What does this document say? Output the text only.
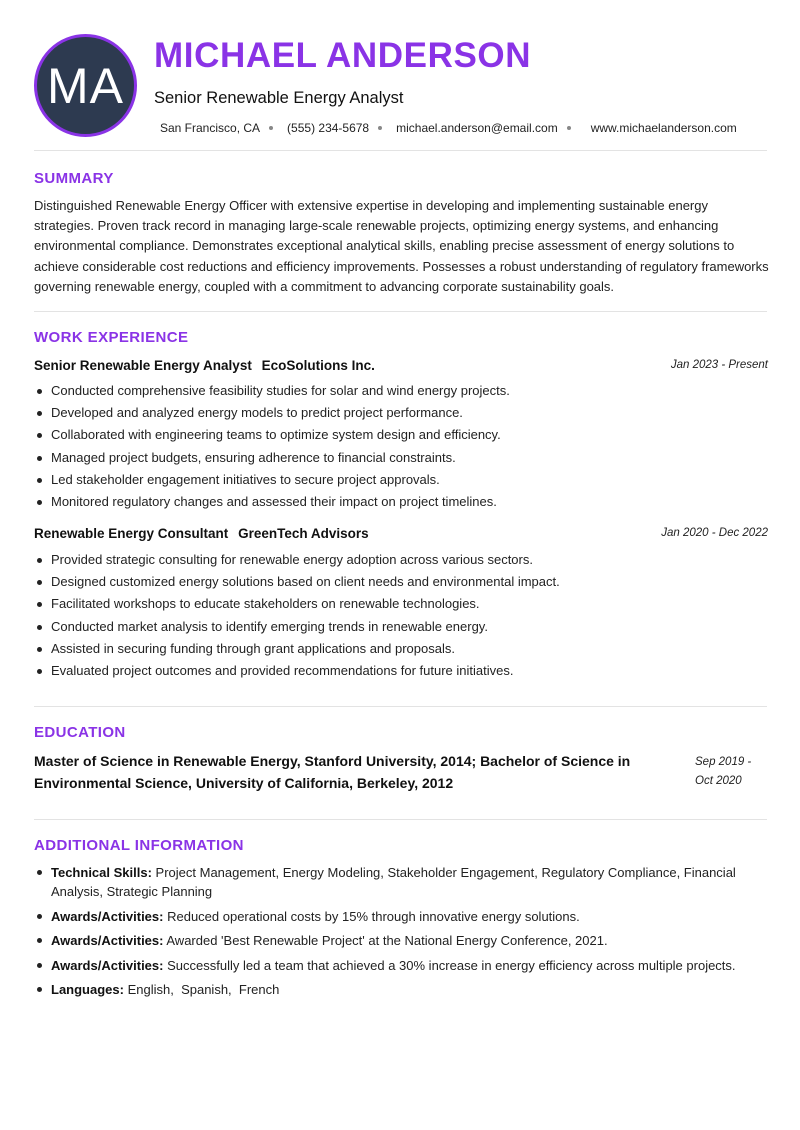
MA
MICHAEL ANDERSON
Senior Renewable Energy Analyst
San Francisco, CA (555) 234-5678 michael.anderson@email.com	www.michaelanderson.com
SUMMARY
Distinguished Renewable Energy Officer with extensive expertise in developing and implementing sustainable energy strategies. Proven track record in managing large-scale renewable projects, optimizing energy systems, and enhancing environmental compliance. Demonstrates exceptional analytical skills, enabling precise assessment of energy solutions to achieve considerable cost reductions and efficiency improvements. Possesses a robust understanding of regulatory frameworks governing renewable energy, coupled with a commitment to advancing corporate sustainability goals.
WORK EXPERIENCE
Senior Renewable Energy Analyst EcoSolutions Inc.	Jan 2023 - Present
Conducted comprehensive feasibility studies for solar and wind energy projects.
Developed and analyzed energy models to predict project performance.
Collaborated with engineering teams to optimize system design and efficiency.
Managed project budgets, ensuring adherence to financial constraints.
Led stakeholder engagement initiatives to secure project approvals.
Monitored regulatory changes and assessed their impact on project timelines.
Renewable Energy Consultant GreenTech Advisors	Jan 2020 - Dec 2022
Provided strategic consulting for renewable energy adoption across various sectors.
Designed customized energy solutions based on client needs and environmental impact.
Facilitated workshops to educate stakeholders on renewable technologies.
Conducted market analysis to identify emerging trends in renewable energy.
Assisted in securing funding through grant applications and proposals.
Evaluated project outcomes and provided recommendations for future initiatives.
EDUCATION
Master of Science in Renewable Energy, Stanford University, 2014; Bachelor of Science in Environmental Science, University of California, Berkeley, 2012
Sep 2019 - Oct 2020
ADDITIONAL INFORMATION
Technical Skills: Project Management, Energy Modeling, Stakeholder Engagement, Regulatory Compliance, Financial Analysis, Strategic Planning
Awards/Activities: Reduced operational costs by 15% through innovative energy solutions.
Awards/Activities: Awarded 'Best Renewable Project' at the National Energy Conference, 2021.
Awards/Activities: Successfully led a team that achieved a 30% increase in energy efficiency across multiple projects.
Languages: English,  Spanish,  French
